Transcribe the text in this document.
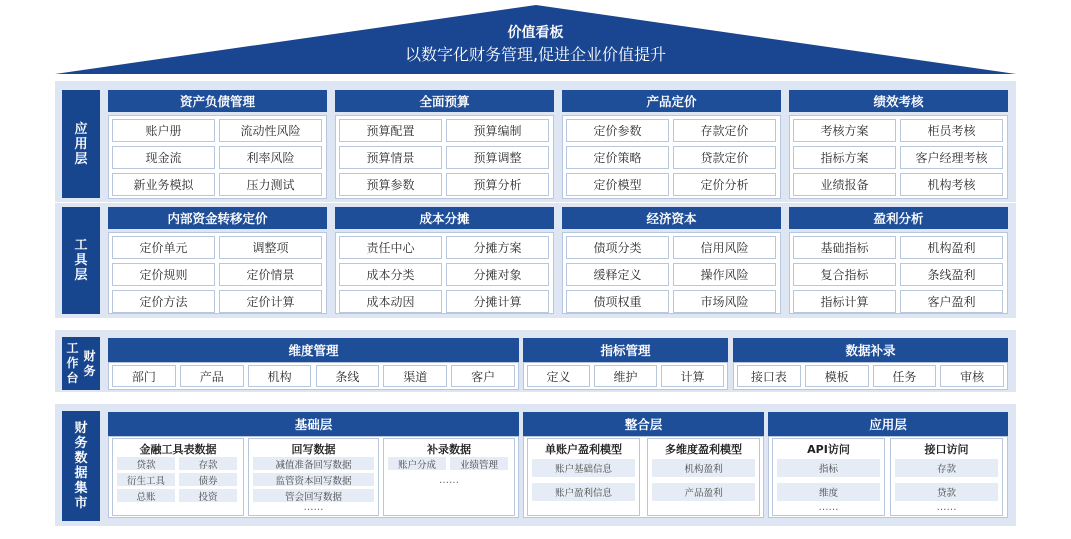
价值看板
以数字化财务管理,促进企业价值提升
应用层
资产负债管理
账户册	流动性风险
现金流	利率风险
新业务模拟	压力测试
全面预算
预算配置	预算编制
预算情景	预算调整
预算参数	预算分析
产品定价
定价参数	存款定价
定价策略	贷款定价
定价模型	定价分析
绩效考核
考核方案	柜员考核
指标方案	客户经理考核
业绩报备	机构考核
工具层
内部资金转移定价
定价单元	调整项
定价规则	定价情景
定价方法	定价计算
成本分摊
责任中心	分摊方案
成本分类	分摊对象
成本动因	分摊计算
经济资本
债项分类	信用风险
缓释定义	操作风险
债项权重	市场风险
盈利分析
基础指标	机构盈利
复合指标	条线盈利
指标计算	客户盈利
工作台
财务
维度管理
部门	产品	机构	条线	渠道	客户
指标管理
定义	维护	计算
数据补录
接口表	模板	任务	审核
财务数据集市
基础层
金融工具表数据
贷款	存款
衍生工具	债券
总账	投资
回写数据
减值准备回写数据
监管资本回写数据
管会回写数据
……
补录数据
账户分成	业绩管理
……
整合层
单账户盈利模型
账户基础信息
账户盈利信息
多维度盈利模型
机构盈利
产品盈利
应用层
API访问
指标
维度
……
接口访问
存款
贷款
……
